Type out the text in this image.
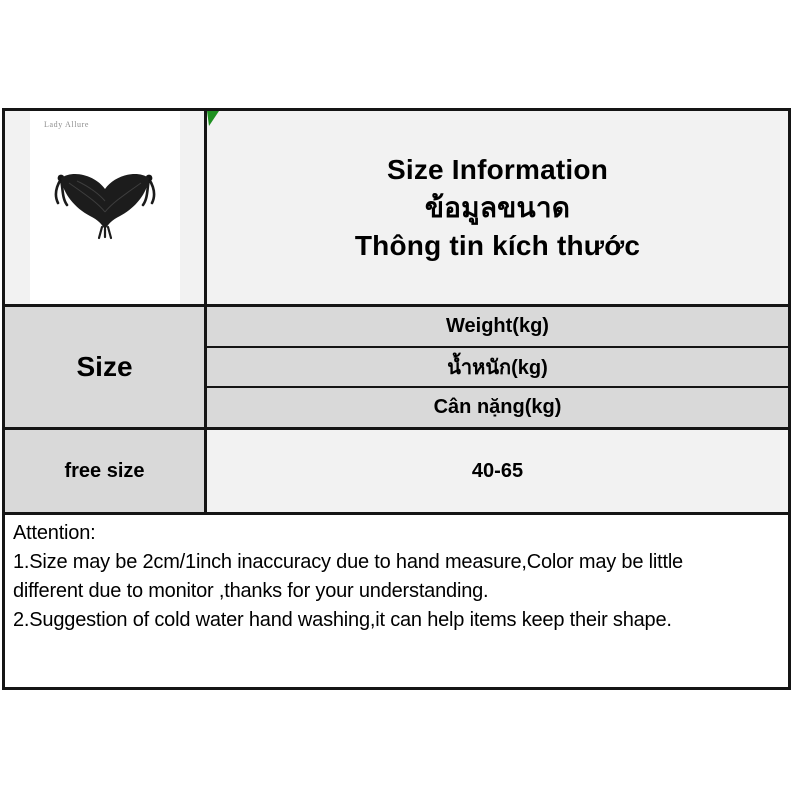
Lady Allure
Size Information
ข้อมูลขนาด
Thông tin kích thước
Size
Weight(kg)
น้ำหนัก(kg)
Cân nặng(kg)
free size	40-65
Attention:
1.Size may be 2cm/1inch inaccuracy due to hand measure,Color may be little
different due to monitor ,thanks for your understanding.
2.Suggestion of cold water hand washing,it can help items keep their shape.
